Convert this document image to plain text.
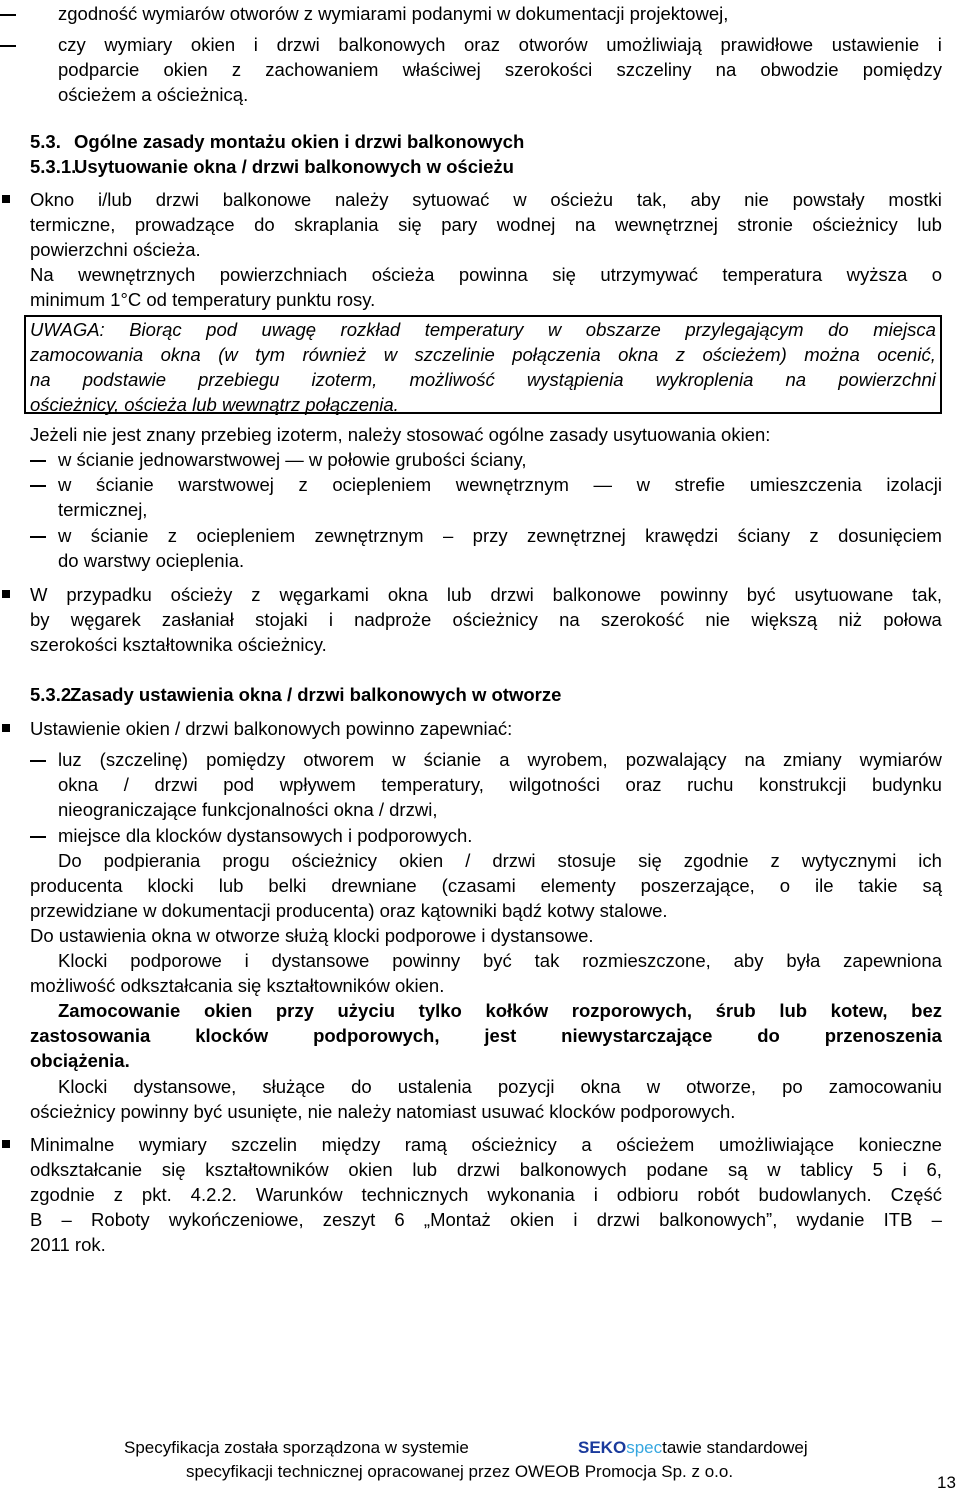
zgodność wymiarów otworów z wymiarami podanymi w dokumentacji projektowej,
czy wymiary okien i drzwi balkonowych oraz otworów umożliwiają prawidłowe ustawienie i
podparcie okien z zachowaniem właściwej szerokości szczeliny na obwodzie pomiędzy
ościeżem a ościeżnicą.
5.3. Ogólne zasady montażu okien i drzwi balkonowych
5.3.1.
Usytuowanie okna / drzwi balkonowych w ościeżu
Okno i/lub drzwi balkonowe należy sytuować w ościeżu tak, aby nie powstały mostki
termiczne, prowadzące do skraplania się pary wodnej na wewnętrznej stronie ościeżnicy lub
powierzchni ościeża.
Na wewnętrznych powierzchniach ościeża powinna się utrzymywać temperatura wyższa o
minimum 1°C od temperatury punktu rosy.
UWAGA: Biorąc pod uwagę rozkład temperatury w obszarze przylegającym do miejsca
zamocowania okna (w tym również w szczelinie połączenia okna z ościeżem) można ocenić,
na podstawie przebiegu izoterm, możliwość wystąpienia wykroplenia na powierzchni
ościeżnicy, ościeża lub wewnątrz połączenia.
Jeżeli nie jest znany przebieg izoterm, należy stosować ogólne zasady usytuowania okien:
w ścianie jednowarstwowej — w połowie grubości ściany,
w ścianie warstwowej z ociepleniem wewnętrznym — w strefie umieszczenia izolacji
termicznej,
w ścianie z ociepleniem zewnętrznym – przy zewnętrznej krawędzi ściany z dosunięciem
do warstwy ocieplenia.
W przypadku ościeży z węgarkami okna lub drzwi balkonowe powinny być usytuowane tak,
by węgarek zasłaniał stojaki i nadproże ościeżnicy na szerokość nie większą niż połowa
szerokości kształtownika ościeżnicy.
5.3.2.
Zasady ustawienia okna / drzwi balkonowych w otworze
Ustawienie okien / drzwi balkonowych powinno zapewniać:
luz (szczelinę) pomiędzy otworem w ścianie a wyrobem, pozwalający na zmiany wymiarów
okna / drzwi pod wpływem temperatury, wilgotności oraz ruchu konstrukcji budynku
nieograniczające funkcjonalności okna / drzwi,
miejsce dla klocków dystansowych i podporowych.
Do podpierania progu ościeżnicy okien / drzwi stosuje się zgodnie z wytycznymi ich
producenta klocki lub belki drewniane (czasami elementy poszerzające, o ile takie są
przewidziane w dokumentacji producenta) oraz kątowniki bądź kotwy stalowe.
Do ustawienia okna w otworze służą klocki podporowe i dystansowe.
Klocki podporowe i dystansowe powinny być tak rozmieszczone, aby była zapewniona
możliwość odkształcania się kształtowników okien.
Zamocowanie okien przy użyciu tylko kołków rozporowych, śrub lub kotew, bez
zastosowania klocków podporowych, jest niewystarczające do przenoszenia
obciążenia.
Klocki dystansowe, służące do ustalenia pozycji okna w otworze, po zamocowaniu
ościeżnicy powinny być usunięte, nie należy natomiast usuwać klocków podporowych.
Minimalne wymiary szczelin między ramą ościeżnicy a ościeżem umożliwiające konieczne
odkształcanie się kształtowników okien lub drzwi balkonowych podane są w tablicy 5 i 6,
zgodnie z pkt. 4.2.2. Warunków technicznych wykonania i odbioru robót budowlanych. Część
B – Roboty wykończeniowe, zeszyt 6 „Montaż okien i drzwi balkonowych”, wydanie ITB –
2011 rok.
Specyfikacja została sporządzona w systemie	SEKOspectawie standardowej
specyfikacji technicznej opracowanej przez OWEOB Promocja Sp. z o.o.
13
